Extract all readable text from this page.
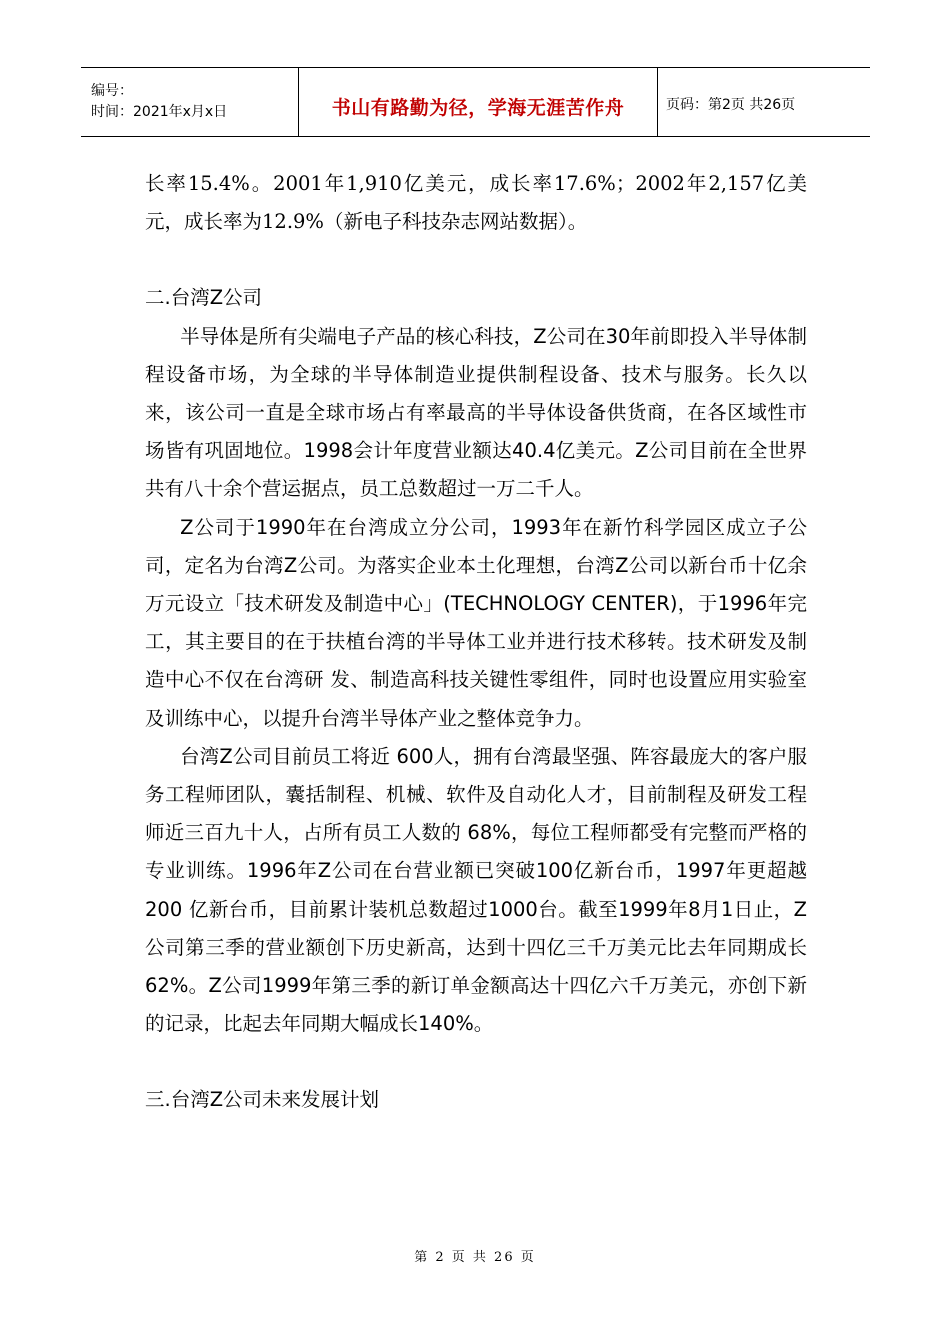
编号：
时间：2021年x月x日	书山有路勤为径，学海无涯苦作舟	页码：第2页 共26页

长率15.4%。2001年1,910亿美元，成长率17.6%；2002年2,157亿美元，成长率为12.9%（新电子科技杂志网站数据）。

二.台湾Z公司

半导体是所有尖端电子产品的核心科技，Z公司在30年前即投入半导体制程设备市场，为全球的半导体制造业提供制程设备、技术与服务。长久以来，该公司一直是全球市场占有率最高的半导体设备供货商，在各区域性市场皆有巩固地位。1998会计年度营业额达40.4亿美元。Z公司目前在全世界共有八十余个营运据点，员工总数超过一万二千人。

Z公司于1990年在台湾成立分公司，1993年在新竹科学园区成立子公司，定名为台湾Z公司。为落实企业本土化理想，台湾Z公司以新台币十亿余万元设立「技术研发及制造中心」(TECHNOLOGY CENTER)，于1996年完工，其主要目的在于扶植台湾的半导体工业并进行技术移转。技术研发及制造中心不仅在台湾研 发、制造高科技关键性零组件，同时也设置应用实验室及训练中心，以提升台湾半导体产业之整体竞争力。

台湾Z公司目前员工将近 600人，拥有台湾最坚强、阵容最庞大的客户服务工程师团队，囊括制程、机械、软件及自动化人才，目前制程及研发工程师近三百九十人，占所有员工人数的 68%，每位工程师都受有完整而严格的专业训练。1996年Z公司在台营业额已突破100亿新台币，1997年更超越200 亿新台币，目前累计装机总数超过1000台。截至1999年8月1日止，Z公司第三季的营业额创下历史新高，达到十四亿三千万美元比去年同期成长62%。Z公司1999年第三季的新订单金额高达十四亿六千万美元，亦创下新的记录，比起去年同期大幅成长140%。

三.台湾Z公司未来发展计划

第 2 页 共 26 页
